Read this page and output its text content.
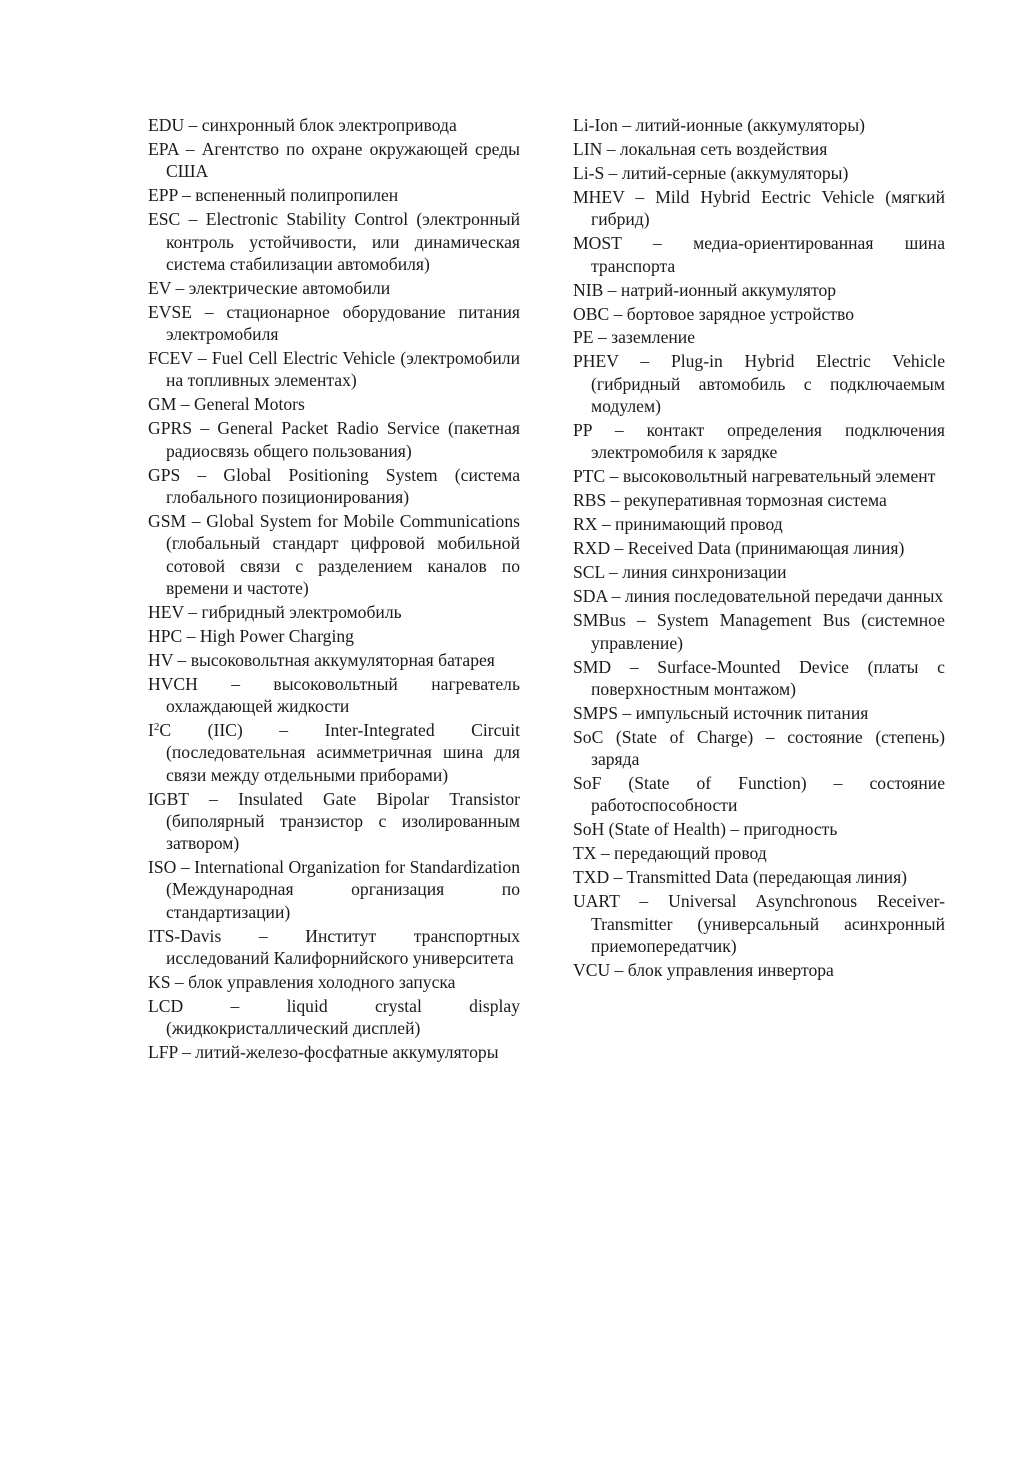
EDU – синхронный блок электропривода

EPA – Агентство по охране окружающей среды США

EPP – вспененный полипропилен

ESC – Electronic Stability Control (электронный контроль устойчивости, или динамическая система стабилизации автомобиля)

EV – электрические автомобили

EVSE – стационарное оборудование питания электромобиля

FCEV – Fuel Cell Electric Vehicle (электромобили на топливных элементах)

GM – General Motors

GPRS – General Packet Radio Service (пакетная радиосвязь общего пользования)

GPS – Global Positioning System (система глобального позиционирования)

GSM – Global System for Mobile Communications (глобальный стандарт цифровой мобильной сотовой связи с разделением каналов по времени и частоте)

HEV – гибридный электромобиль

HPC – High Power Charging

HV – высоковольтная аккумуляторная батарея

HVCH – высоковольтный нагреватель охлаждающей жидкости

$I^2C$ (IIC) – Inter-Integrated Circuit (последовательная асимметричная шина для связи между отдельными приборами)

IGBT – Insulated Gate Bipolar Transistor (биполярный транзистор с изолированным затвором)

ISO – International Organization for Standardization (Международная организация по стандартизации)

ITS-Davis – Институт транспортных исследований Калифорнийского университета

KS – блок управления холодного запуска

LCD – liquid crystal display (жидкокристаллический дисплей)

LFP – литий-железо-фосфатные аккумуляторы

Li-Ion – литий-ионные (аккумуляторы)

LIN – локальная сеть воздействия

Li-S – литий-серные (аккумуляторы)

MHEV – Mild Hybrid Eectric Vehicle (мягкий гибрид)

MOST – медиа-ориентированная шина транспорта

NIB – натрий-ионный аккумулятор

OBC – бортовое зарядное устройство

PE – заземление

PHEV – Plug-in Hybrid Electric Vehicle (гибридный автомобиль с подключаемым модулем)

PP – контакт определения подключения электромобиля к зарядке

PTC – высоковольтный нагревательный элемент

RBS – рекуперативная тормозная система

RX – принимающий провод

RXD – Received Data (принимающая линия)

SCL – линия синхронизации

SDA – линия последовательной передачи данных

SMBus – System Management Bus (системное управление)

SMD – Surface-Mounted Device (платы с поверхностным монтажом)

SMPS – импульсный источник питания

SoC (State of Charge) – состояние (степень) заряда

SoF (State of Function) – состояние работоспособности

SoH (State of Health) – пригодность

TX – передающий провод

TXD – Transmitted Data (передающая линия)

UART – Universal Asynchronous Receiver-Transmitter (универсальный асинхронный приемопередатчик)

VCU – блок управления инвертора
